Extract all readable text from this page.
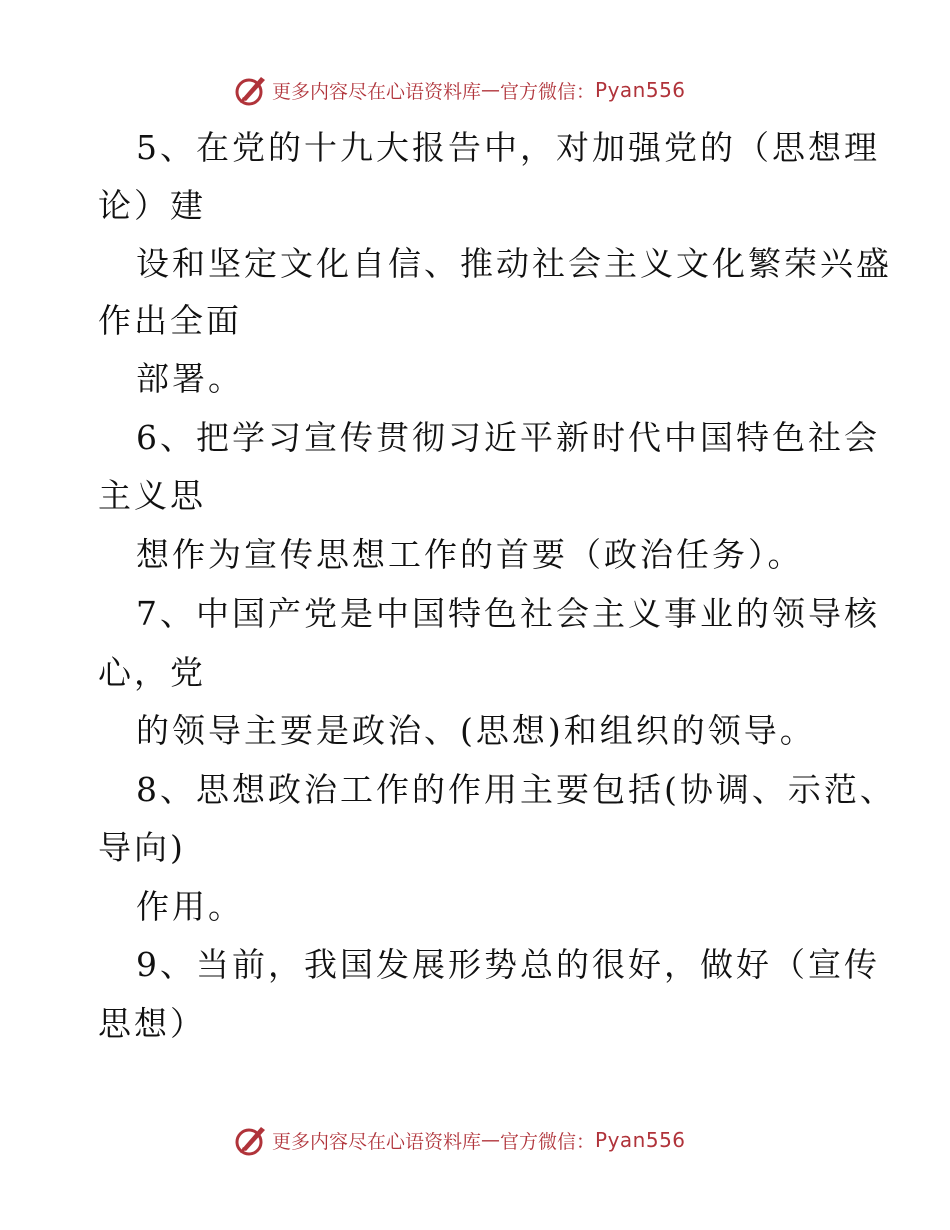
更多内容尽在心语资料库 — 官方微信： Pyan556
5、在党的十九大报告中，对加强党的（思想理
论）建
设和坚定文化自信、推动社会主义文化繁荣兴盛
作出全面
部署。
6、把学习宣传贯彻习近平新时代中国特色社会
主义思
想作为宣传思想工作的首要（政治任务）。
7、中国产党是中国特色社会主义事业的领导核
心，党
的领导主要是政治、(思想)和组织的领导。
8、思想政治工作的作用主要包括(协调、示范、
导向)
作用。
9、当前，我国发展形势总的很好，做好（宣传
思想）
更多内容尽在心语资料库 — 官方微信： Pyan556
